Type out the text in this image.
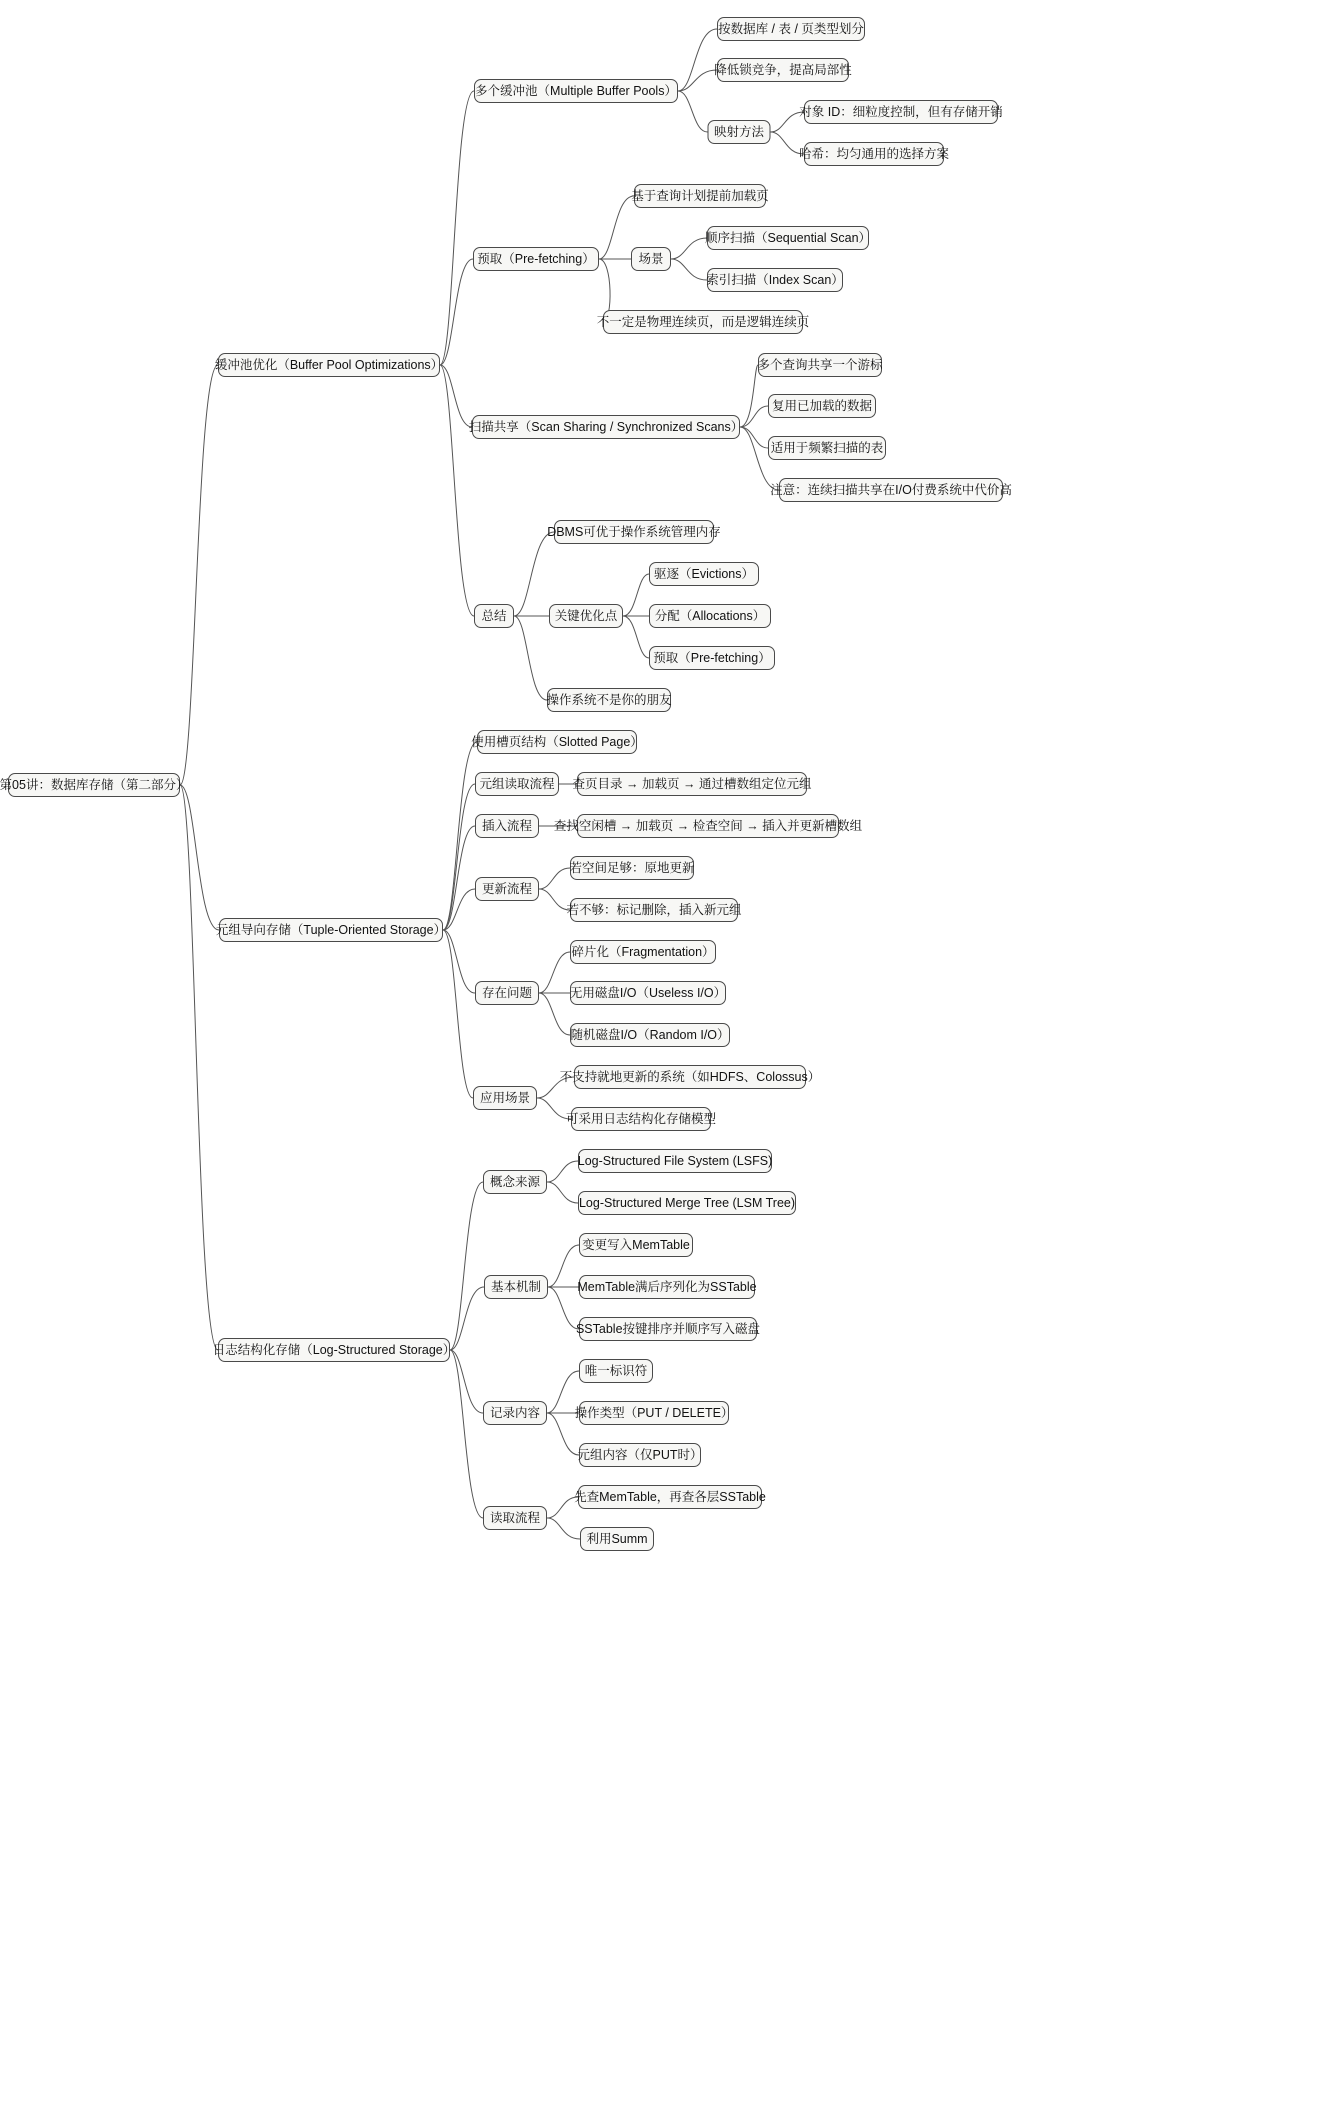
第05讲：数据库存储（第二部分）
缓冲池优化（Buffer Pool Optimizations）
多个缓冲池（Multiple Buffer Pools）
按数据库 / 表 / 页类型划分
降低锁竞争，提高局部性
映射方法
对象 ID：细粒度控制，但有存储开销
哈希：均匀通用的选择方案
预取（Pre-fetching）
基于查询计划提前加载页
场景
顺序扫描（Sequential Scan）
索引扫描（Index Scan）
不一定是物理连续页，而是逻辑连续页
扫描共享（Scan Sharing / Synchronized Scans）
多个查询共享一个游标
复用已加载的数据
适用于频繁扫描的表
注意：连续扫描共享在I/O付费系统中代价高
总结
DBMS可优于操作系统管理内存
关键优化点
驱逐（Evictions）
分配（Allocations）
预取（Pre-fetching）
操作系统不是你的朋友
元组导向存储（Tuple-Oriented Storage）
使用槽页结构（Slotted Page）
元组读取流程	查页目录 → 加载页 → 通过槽数组定位元组
插入流程	查找空闲槽 → 加载页 → 检查空间 → 插入并更新槽数组
更新流程
若空间足够：原地更新
若不够：标记删除，插入新元组
存在问题
碎片化（Fragmentation）
无用磁盘I/O（Useless I/O）
随机磁盘I/O（Random I/O）
应用场景
不支持就地更新的系统（如HDFS、Colossus）
可采用日志结构化存储模型
日志结构化存储（Log-Structured Storage）
概念来源
Log-Structured File System (LSFS)
Log-Structured Merge Tree (LSM Tree)
基本机制
变更写入MemTable
MemTable满后序列化为SSTable
SSTable按键排序并顺序写入磁盘
记录内容
唯一标识符
操作类型（PUT / DELETE）
元组内容（仅PUT时）
读取流程
先查MemTable，再查各层SSTable
利用Summ
